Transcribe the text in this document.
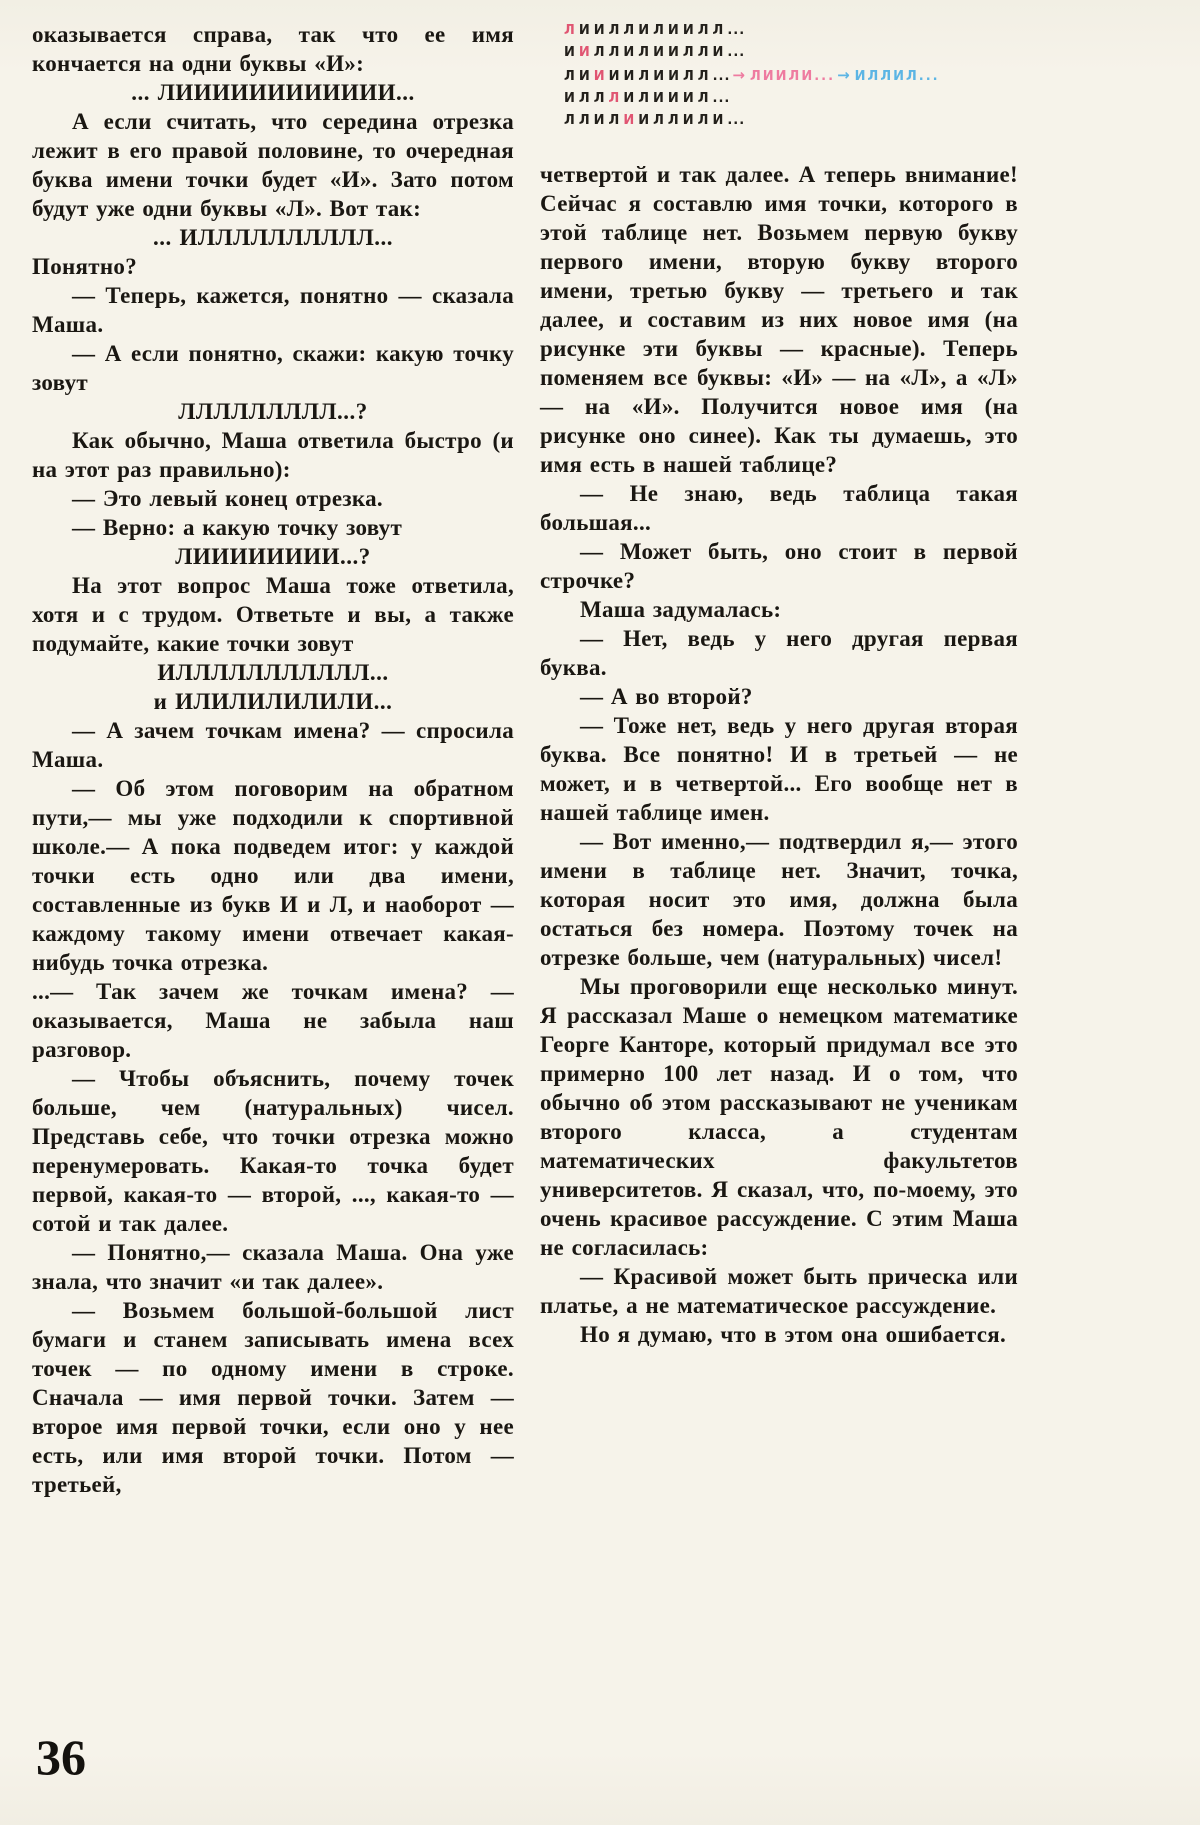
оказывается справа, так что ее имя кончается на одни буквы «И»:

... ЛИИИИИИИИИИИИ...

А если считать, что середина отрезка лежит в его правой половине, то очередная буква имени точки будет «И». Зато потом будут уже одни буквы «Л». Вот так:

... ИЛЛЛЛЛЛЛЛЛЛ...

Понятно?

— Теперь, кажется, понятно — сказала Маша.

— А если понятно, скажи: какую точку зовут

ЛЛЛЛЛЛЛЛЛ...?

Как обычно, Маша ответила быстро (и на этот раз правильно):

— Это левый конец отрезка.

— Верно: а какую точку зовут

ЛИИИИИИИИ...?

На этот вопрос Маша тоже ответила, хотя и с трудом. Ответьте и вы, а также подумайте, какие точки зовут

ИЛЛЛЛЛЛЛЛЛЛЛ...

и ИЛИЛИЛИЛИЛИ...

— А зачем точкам имена? — спросила Маша.

— Об этом поговорим на обратном пути,— мы уже подходили к спортивной школе.— А пока подведем итог: у каждой точки есть одно или два имени, составленные из букв И и Л, и наоборот — каждому такому имени отвечает какая-нибудь точка отрезка.

...— Так зачем же точкам имена? — оказывается, Маша не забыла наш разговор.

— Чтобы объяснить, почему точек больше, чем (натуральных) чисел. Представь себе, что точки отрезка можно перенумеровать. Какая-то точка будет первой, какая-то — второй, ..., какая-то — сотой и так далее.

— Понятно,— сказала Маша. Она уже знала, что значит «и так далее».

— Возьмем большой-большой лист бумаги и станем записывать имена всех точек — по одному имени в строке. Сначала — имя первой точки. Затем — второе имя первой точки, если оно у нее есть, или имя второй точки. Потом — третьей,

ЛИИЛЛИЛИИЛЛ...
ИИЛЛИЛИИЛЛИ...
ЛИИИИЛИИЛЛ... → ЛИИЛИ... → ИЛЛИЛ...
ИЛЛЛИЛИИИЛ...
ЛЛИЛИИЛЛИЛИ...

четвертой и так далее. А теперь внимание! Сейчас я составлю имя точки, которого в этой таблице нет. Возьмем первую букву первого имени, вторую букву второго имени, третью букву — третьего и так далее, и составим из них новое имя (на рисунке эти буквы — красные). Теперь поменяем все буквы: «И» — на «Л», а «Л» — на «И». Получится новое имя (на рисунке оно синее). Как ты думаешь, это имя есть в нашей таблице?

— Не знаю, ведь таблица такая большая...

— Может быть, оно стоит в первой строчке?

Маша задумалась:

— Нет, ведь у него другая первая буква.

— А во второй?

— Тоже нет, ведь у него другая вторая буква. Все понятно! И в третьей — не может, и в четвертой... Его вообще нет в нашей таблице имен.

— Вот именно,— подтвердил я,— этого имени в таблице нет. Значит, точка, которая носит это имя, должна была остаться без номера. Поэтому точек на отрезке больше, чем (натуральных) чисел!

Мы проговорили еще несколько минут. Я рассказал Маше о немецком математике Георге Канторе, который придумал все это примерно 100 лет назад. И о том, что обычно об этом рассказывают не ученикам второго класса, а студентам математических факультетов университетов. Я сказал, что, по-моему, это очень красивое рассуждение. С этим Маша не согласилась:

— Красивой может быть прическа или платье, а не математическое рассуждение.

Но я думаю, что в этом она ошибается.

36
